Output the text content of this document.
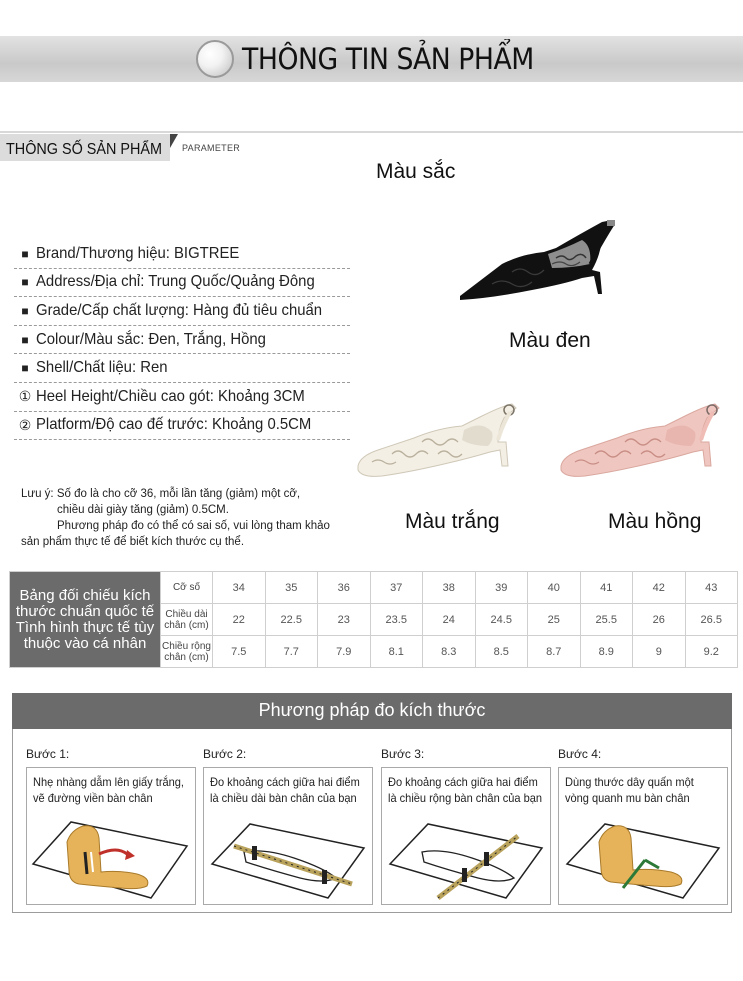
THÔNG TIN SẢN PHẨM
THÔNG SỐ SẢN PHẨM PARAMETER
■ Brand/Thương hiệu: BIGTREE
■ Address/Địa chỉ: Trung Quốc/Quảng Đông
■ Grade/Cấp chất lượng: Hàng đủ tiêu chuẩn
■ Colour/Màu sắc: Đen, Trắng, Hồng
■ Shell/Chất liệu: Ren
① Heel Height/Chiều cao gót: Khoảng 3CM
② Platform/Độ cao đế trước: Khoảng 0.5CM
Lưu ý: Số đo là cho cỡ 36, mỗi lần tăng (giảm) một cỡ,
chiều dài giày tăng (giảm) 0.5CM.
Phương pháp đo có thể có sai số, vui lòng tham khảo
sản phẩm thực tế để biết kích thước cụ thể.
Màu sắc
Màu đen
Màu trắng	Màu hồng
Bảng đối chiếu kích thước chuẩn quốc tế Tình hình thực tế tùy thuộc vào cá nhân	Cỡ số	34	35	36	37	38	39	40	41	42	43
	Chiều dài chân (cm)	22	22.5	23	23.5	24	24.5	25	25.5	26	26.5
	Chiều rộng chân (cm)	7.5	7.7	7.9	8.1	8.3	8.5	8.7	8.9	9	9.2
Phương pháp đo kích thước
Bước 1:
Nhẹ nhàng dẫm lên giấy trắng,
vẽ đường viền bàn chân
Bước 2:
Đo khoảng cách giữa hai điểm
là chiều dài bàn chân của bạn
Bước 3:
Đo khoảng cách giữa hai điểm
là chiều rộng bàn chân của bạn
Bước 4:
Dùng thước dây quấn một
vòng quanh mu bàn chân
